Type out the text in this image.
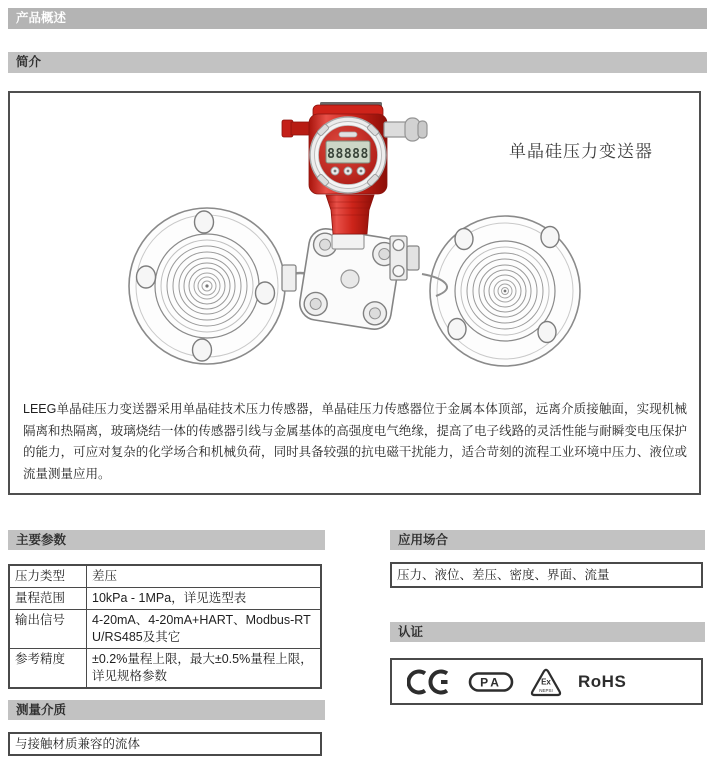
产品概述
简介
88888	单晶硅压力变送器

LEEG单晶硅压力变送器采用单晶硅技术压力传感器，单晶硅压力传感器位于金属本体顶部，远离介质接触面，实现机械隔离和热隔离，玻璃烧结一体的传感器引线与金属基体的高强度电气绝缘，提高了电子线路的灵活性能与耐瞬变电压保护的能力，可应对复杂的化学场合和机械负荷，同时具备较强的抗电磁干扰能力，适合苛刻的流程工业环境中压力、液位或流量测量应用。

主要参数
压力类型	差压
量程范围	10kPa - 1MPa，详见选型表
输出信号	4-20mA、4-20mA+HART、Modbus-RTU/RS485及其它
参考精度	±0.2%量程上限，最大±0.5%量程上限，详见规格参数
测量介质
与接触材质兼容的流体
应用场合
压力、液位、差压、密度、界面、流量
认证
PA	Ex
NEPSI RoHS
